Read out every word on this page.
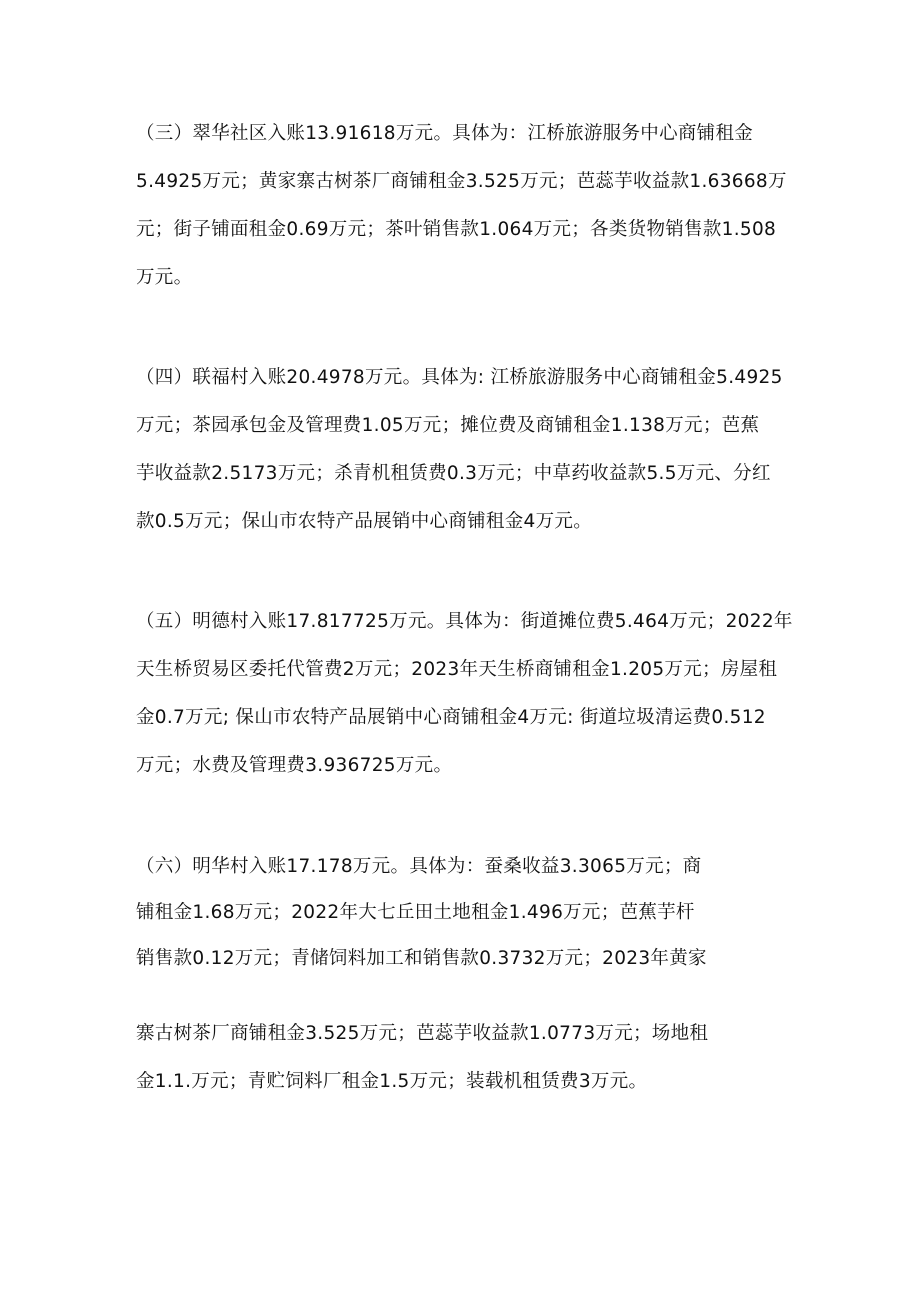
（三）翠华社区入账13.91618万元。具体为：江桥旅游服务中心商铺租金
5.4925万元；黄家寨古树茶厂商铺租金3.525万元；芭蕊芋收益款1.63668万
元；街子铺面租金0.69万元；茶叶销售款1.064万元；各类货物销售款1.508
万元。
（四）联福村入账20.4978万元。具体为: 江桥旅游服务中心商铺租金5.4925
万元；茶园承包金及管理费1.05万元；摊位费及商铺租金1.138万元；芭蕉
芋收益款2.5173万元；杀青机租赁费0.3万元；中草药收益款5.5万元、分红
款0.5万元；保山市农特产品展销中心商铺租金4万元。
（五）明德村入账17.817725万元。具体为：街道摊位费5.464万元；2022年
天生桥贸易区委托代管费2万元；2023年天生桥商铺租金1.205万元；房屋租
金0.7万元; 保山市农特产品展销中心商铺租金4万元: 街道垃圾清运费0.512
万元；水费及管理费3.936725万元。
（六）明华村入账17.178万元。具体为：蚕桑收益3.3065万元；商
铺租金1.68万元；2022年大七丘田土地租金1.496万元；芭蕉芋杆
销售款0.12万元；青储饲料加工和销售款0.3732万元；2023年黄家
寨古树茶厂商铺租金3.525万元；芭蕊芋收益款1.0773万元；场地租
金1.1.万元；青贮饲料厂租金1.5万元；装载机租赁费3万元。
